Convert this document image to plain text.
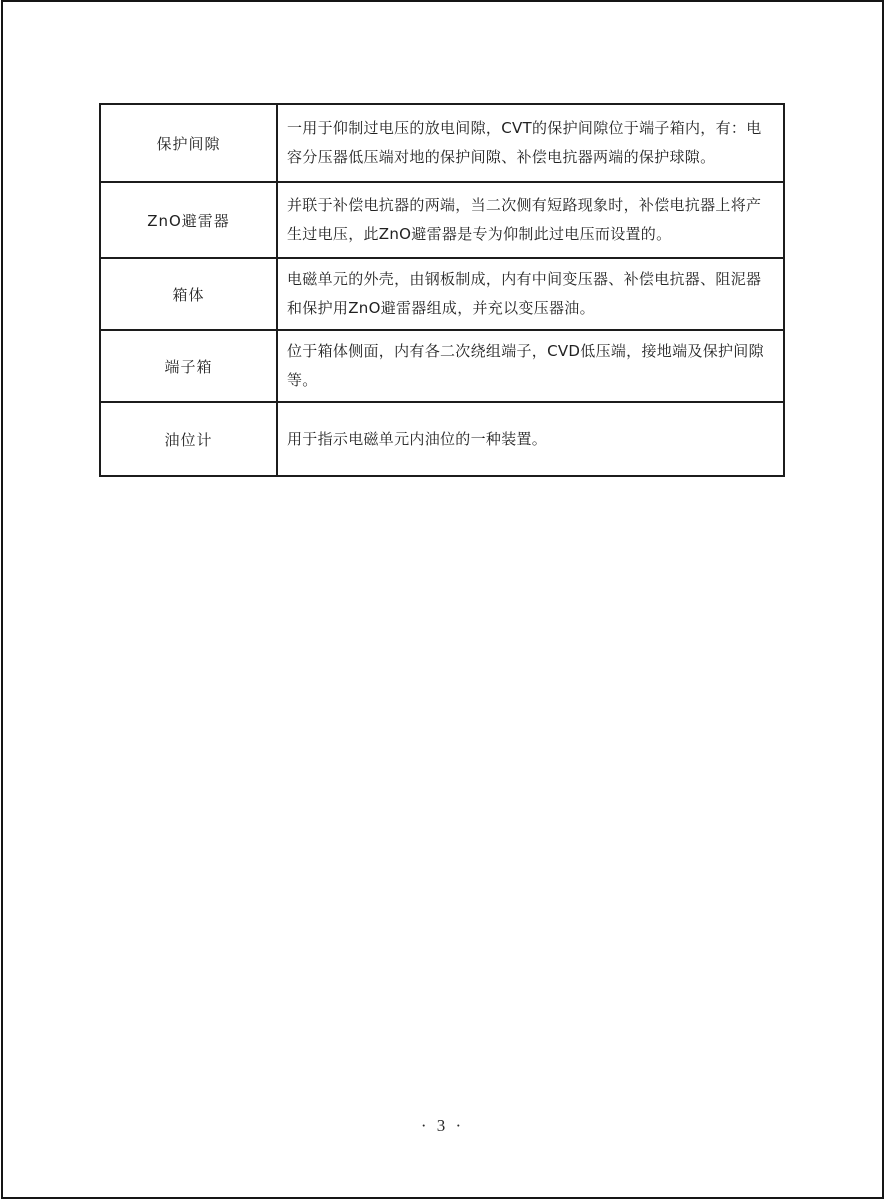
保护间隙	一用于仰制过电压的放电间隙，CVT的保护间隙位于端子箱内，有：电容分压器低压端对地的保护间隙、补偿电抗器两端的保护球隙。
ZnO避雷器	并联于补偿电抗器的两端，当二次侧有短路现象时，补偿电抗器上将产生过电压，此ZnO避雷器是专为仰制此过电压而设置的。
箱体	电磁单元的外壳，由钢板制成，内有中间变压器、补偿电抗器、阻泥器和保护用ZnO避雷器组成，并充以变压器油。
端子箱	位于箱体侧面，内有各二次绕组端子，CVD低压端，接地端及保护间隙等。
油位计	用于指示电磁单元内油位的一种装置。
· 3 ·
